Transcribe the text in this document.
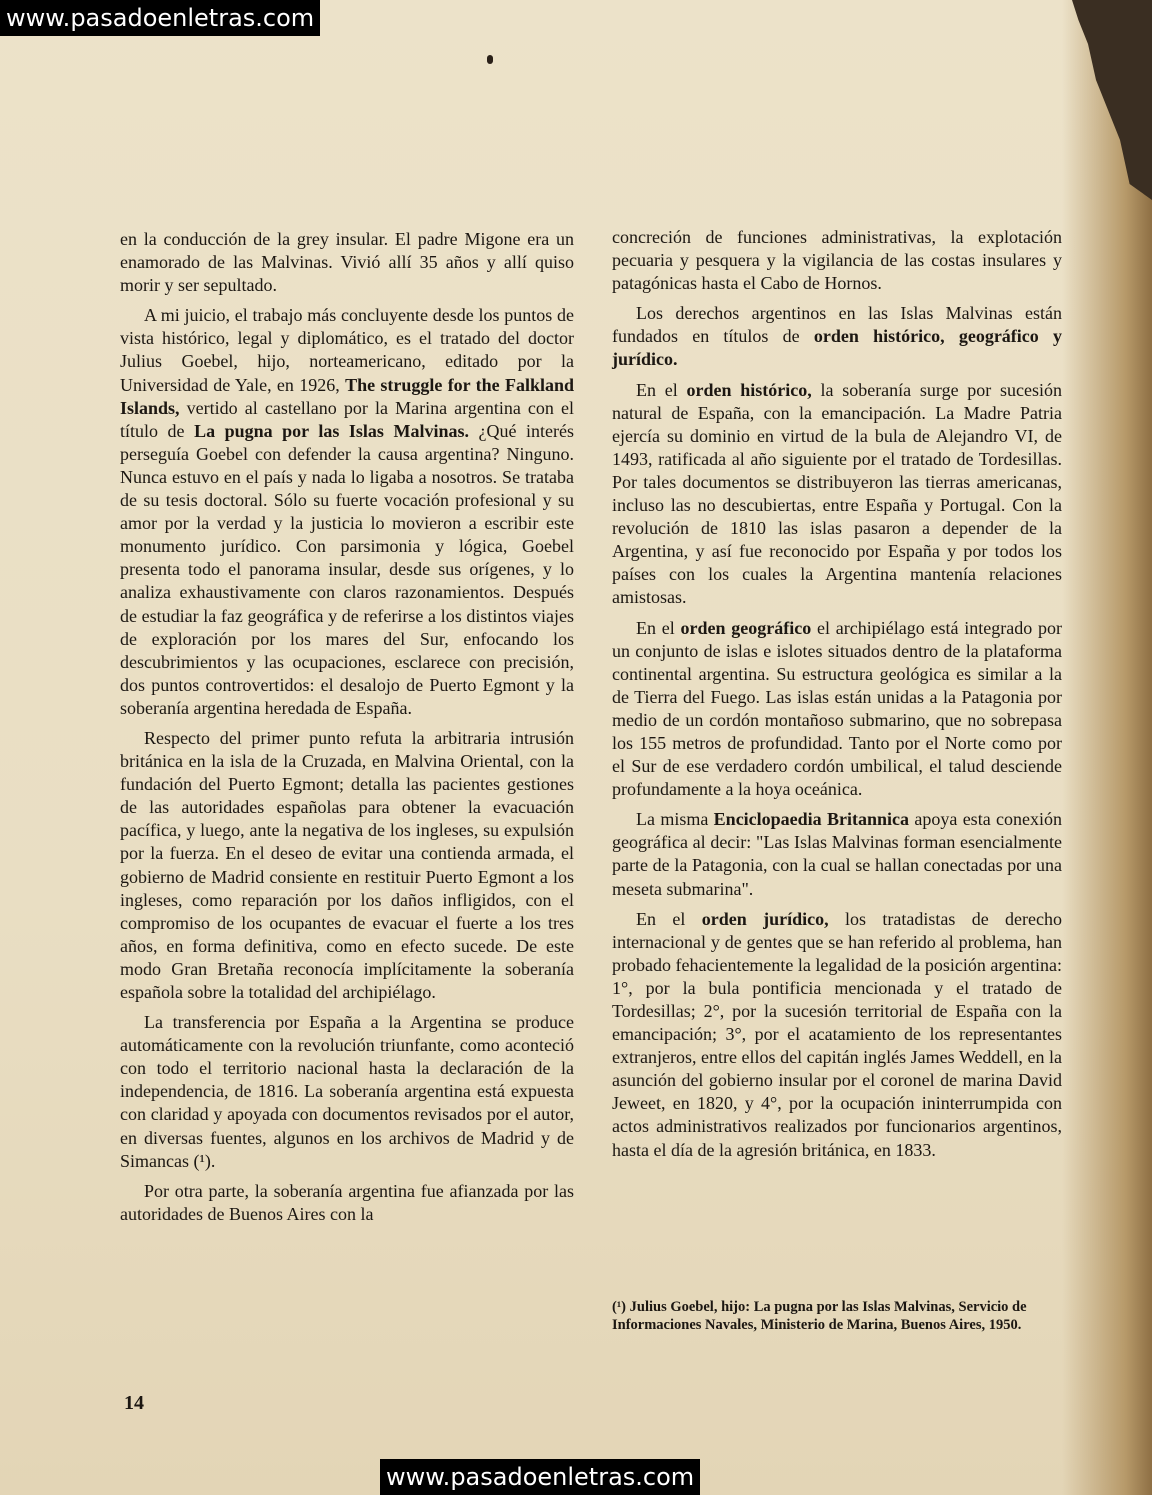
www.pasadoenletras.com

en la conducción de la grey insular. El padre Migone era un enamorado de las Malvinas. Vivió allí 35 años y allí quiso morir y ser sepultado.

A mi juicio, el trabajo más concluyente desde los puntos de vista histórico, legal y diplomático, es el tratado del doctor Julius Goebel, hijo, norteamericano, editado por la Universidad de Yale, en 1926, The struggle for the Falkland Islands, vertido al castellano por la Marina argentina con el título de La pugna por las Islas Malvinas. ¿Qué interés perseguía Goebel con defender la causa argentina? Ninguno. Nunca estuvo en el país y nada lo ligaba a nosotros. Se trataba de su tesis doctoral. Sólo su fuerte vocación profesional y su amor por la verdad y la justicia lo movieron a escribir este monumento jurídico. Con parsimonia y lógica, Goebel presenta todo el panorama insular, desde sus orígenes, y lo analiza exhaustivamente con claros razonamientos. Después de estudiar la faz geográfica y de referirse a los distintos viajes de exploración por los mares del Sur, enfocando los descubrimientos y las ocupaciones, esclarece con precisión, dos puntos controvertidos: el desalojo de Puerto Egmont y la soberanía argentina heredada de España.

Respecto del primer punto refuta la arbitraria intrusión británica en la isla de la Cruzada, en Malvina Oriental, con la fundación del Puerto Egmont; detalla las pacientes gestiones de las autoridades españolas para obtener la evacuación pacífica, y luego, ante la negativa de los ingleses, su expulsión por la fuerza. En el deseo de evitar una contienda armada, el gobierno de Madrid consiente en restituir Puerto Egmont a los ingleses, como reparación por los daños infligidos, con el compromiso de los ocupantes de evacuar el fuerte a los tres años, en forma definitiva, como en efecto sucede. De este modo Gran Bretaña reconocía implícitamente la soberanía española sobre la totalidad del archipiélago.

La transferencia por España a la Argentina se produce automáticamente con la revolución triunfante, como aconteció con todo el territorio nacional hasta la declaración de la independencia, de 1816. La soberanía argentina está expuesta con claridad y apoyada con documentos revisados por el autor, en diversas fuentes, algunos en los archivos de Madrid y de Simancas (¹).

Por otra parte, la soberanía argentina fue afianzada por las autoridades de Buenos Aires con la

concreción de funciones administrativas, la explotación pecuaria y pesquera y la vigilancia de las costas insulares y patagónicas hasta el Cabo de Hornos.

Los derechos argentinos en las Islas Malvinas están fundados en títulos de orden histórico, geográfico y jurídico.

En el orden histórico, la soberanía surge por sucesión natural de España, con la emancipación. La Madre Patria ejercía su dominio en virtud de la bula de Alejandro VI, de 1493, ratificada al año siguiente por el tratado de Tordesillas. Por tales documentos se distribuyeron las tierras americanas, incluso las no descubiertas, entre España y Portugal. Con la revolución de 1810 las islas pasaron a depender de la Argentina, y así fue reconocido por España y por todos los países con los cuales la Argentina mantenía relaciones amistosas.

En el orden geográfico el archipiélago está integrado por un conjunto de islas e islotes situados dentro de la plataforma continental argentina. Su estructura geológica es similar a la de Tierra del Fuego. Las islas están unidas a la Patagonia por medio de un cordón montañoso submarino, que no sobrepasa los 155 metros de profundidad. Tanto por el Norte como por el Sur de ese verdadero cordón umbilical, el talud desciende profundamente a la hoya oceánica.

La misma Enciclopaedia Britannica apoya esta conexión geográfica al decir: "Las Islas Malvinas forman esencialmente parte de la Patagonia, con la cual se hallan conectadas por una meseta submarina".

En el orden jurídico, los tratadistas de derecho internacional y de gentes que se han referido al problema, han probado fehacientemente la legalidad de la posición argentina: 1°, por la bula pontificia mencionada y el tratado de Tordesillas; 2°, por la sucesión territorial de España con la emancipación; 3°, por el acatamiento de los representantes extranjeros, entre ellos del capitán inglés James Weddell, en la asunción del gobierno insular por el coronel de marina David Jeweet, en 1820, y 4°, por la ocupación ininterrumpida con actos administrativos realizados por funcionarios argentinos, hasta el día de la agresión británica, en 1833.

(¹) Julius Goebel, hijo: La pugna por las Islas Malvinas, Servicio de Informaciones Navales, Ministerio de Marina, Buenos Aires, 1950.
14
www.pasadoenletras.com
